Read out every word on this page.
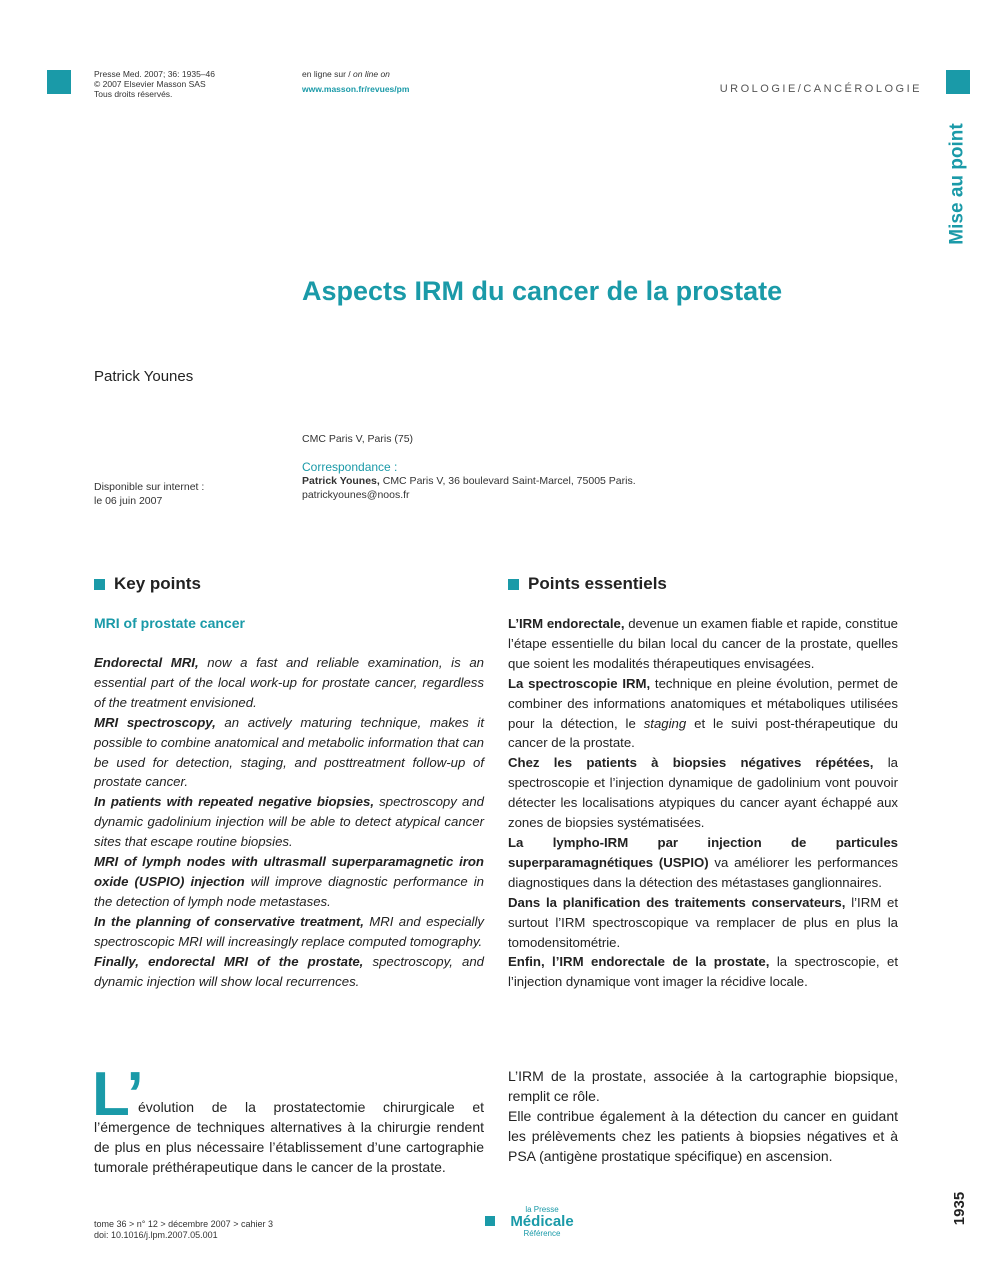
Presse Med. 2007; 36: 1935–46
© 2007 Elsevier Masson SAS
Tous droits réservés.
en ligne sur / on line on
www.masson.fr/revues/pm	UROLOGIE/CANCÉROLOGIE
Mise au point
Aspects IRM du cancer de la prostate
Patrick Younes
CMC Paris V, Paris (75)
Disponible sur internet :
le 06 juin 2007
Correspondance :
Patrick Younes, CMC Paris V, 36 boulevard Saint-Marcel, 75005 Paris.
patrickyounes@noos.fr
Key points
MRI of prostate cancer

Endorectal MRI, now a fast and reliable examination, is an essential part of the local work-up for prostate cancer, regardless of the treatment envisioned.

MRI spectroscopy, an actively maturing technique, makes it possible to combine anatomical and metabolic information that can be used for detection, staging, and posttreatment follow-up of prostate cancer.

In patients with repeated negative biopsies, spectroscopy and dynamic gadolinium injection will be able to detect atypical cancer sites that escape routine biopsies.

MRI of lymph nodes with ultrasmall superparamagnetic iron oxide (USPIO) injection will improve diagnostic performance in the detection of lymph node metastases.

In the planning of conservative treatment, MRI and especially spectroscopic MRI will increasingly replace computed tomography.

Finally, endorectal MRI of the prostate, spectroscopy, and dynamic injection will show local recurrences.

Points essentiels

L’IRM endorectale, devenue un examen fiable et rapide, constitue l’étape essentielle du bilan local du cancer de la prostate, quelles que soient les modalités thérapeutiques envisagées.

La spectroscopie IRM, technique en pleine évolution, permet de combiner des informations anatomiques et métaboliques utilisées pour la détection, le staging et le suivi post-thérapeutique du cancer de la prostate.

Chez les patients à biopsies négatives répétées, la spectroscopie et l’injection dynamique de gadolinium vont pouvoir détecter les localisations atypiques du cancer ayant échappé aux zones de biopsies systématisées.

La lympho-IRM par injection de particules superparamagnétiques (USPIO) va améliorer les performances diagnostiques dans la détection des métastases ganglionnaires.

Dans la planification des traitements conservateurs, l’IRM et surtout l’IRM spectroscopique va remplacer de plus en plus la tomodensitométrie.

Enfin, l’IRM endorectale de la prostate, la spectroscopie, et l’injection dynamique vont imager la récidive locale.

L’

évolution de la prostatectomie chirurgicale et l’émergence de techniques alternatives à la chirurgie rendent de plus en plus nécessaire l’établissement d’une cartographie tumorale préthérapeutique dans le cancer de la prostate.

L’IRM de la prostate, associée à la cartographie biopsique, remplit ce rôle.

Elle contribue également à la détection du cancer en guidant les prélèvements chez les patients à biopsies négatives et à PSA (antigène prostatique spécifique) en ascension.

tome 36 > n° 12 > décembre 2007 > cahier 3
doi: 10.1016/j.lpm.2007.05.001
la Presse
Médicale
Référence
1935
